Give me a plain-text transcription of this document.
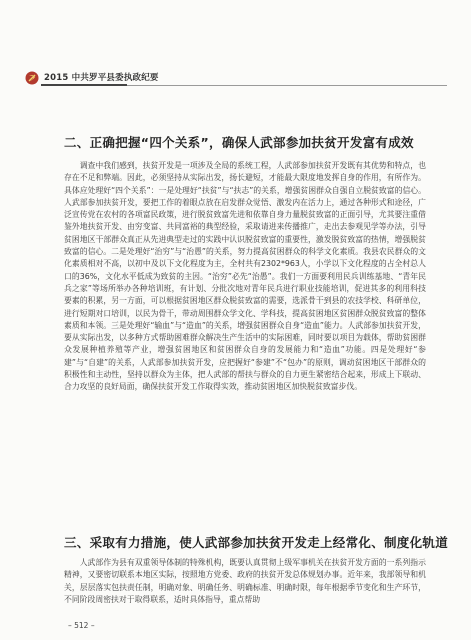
2015 中共罗平县委执政纪要
二、正确把握“四个关系”，确保人武部参加扶贫开发富有成效

调查中我们感到，扶贫开发是一项涉及全局的系统工程，人武部参加扶贫开发既有其优势和特点，也存在不足和弊端。因此，必须坚持从实际出发，扬长避短，才能最大限度地发挥自身的作用，有所作为。具体应处理好“四个关系”：一是处理好“扶贫”与“扶志”的关系，增强贫困群众自强自立脱贫致富的信心。人武部参加扶贫开发，要把工作的着眼点放在启发群众觉悟、激发内在活力上，通过各种形式和途径，广泛宣传党在农村的各项富民政策，进行脱贫致富先进和依靠自身力量脱贫致富的正面引导，尤其要注重借鉴外地扶贫开发、由穷变富、共同富裕的典型经验，采取请进来传播推广，走出去参观见学等办法，引导贫困地区干部群众真正从先进典型走过的实践中认识脱贫致富的重要性，激发脱贫致富的热情，增强脱贫致富的信心。二是处理好“治穷”与“治愚”的关系，努力提高贫困群众的科学文化素质。我县农民群众的文化素质相对不高，以初中及以下文化程度为主，全村共有2302*963人，小学以下文化程度的占全村总人口的36%，文化水平低成为致贫的主因。“治穷”必先“治愚”。我们一方面要利用民兵训练基地、“青年民兵之家”等场所举办各种培训班，有计划、分批次地对青年民兵进行职业技能培训，促进其多的利用科技要素的积累，另一方面，可以根据贫困地区群众脱贫致富的需要，选派骨干到县的农技学校、科研单位，进行短期对口培训，以民为骨干，带动周围群众学文化、学科技，提高贫困地区贫困群众脱贫致富的整体素质和本领。三是处理好“输血”与“造血”的关系，增强贫困群众自身“造血”能力。人武部参加扶贫开发，要从实际出发，以多种方式帮助困难群众解决生产生活中的实际困难，同时要以项目为载体，帮助贫困群众发展种植养殖等产业，增强贫困地区和贫困群众自身的发展能力和“造血”功能。四是处理好“参建”与“自建”的关系，人武部参加扶贫开发，应把握好“参建”不“包办”的原则，调动贫困地区干部群众的积极性和主动性，坚持以群众为主体，把人武部的帮扶与群众的自力更生紧密结合起来，形成上下联动、合力攻坚的良好局面，确保扶贫开发工作取得实效，推动贫困地区加快脱贫致富步伐。

三、采取有力措施，使人武部参加扶贫开发走上经常化、制度化轨道

人武部作为县有双重领导体制的特殊机构，既要认真贯彻上级军事机关在扶贫开发方面的一系列指示精神，又要密切联系本地区实际，按照地方党委、政府的扶贫开发总体规划办事。近年来，我部领导和机关，层层落实包扶责任制，明确对象、明确任务、明确标准、明确时限，每年根据季节变化和生产环节，不同阶段周密扶对于取得联系，适时具体指导，重点帮助

– 512 –
